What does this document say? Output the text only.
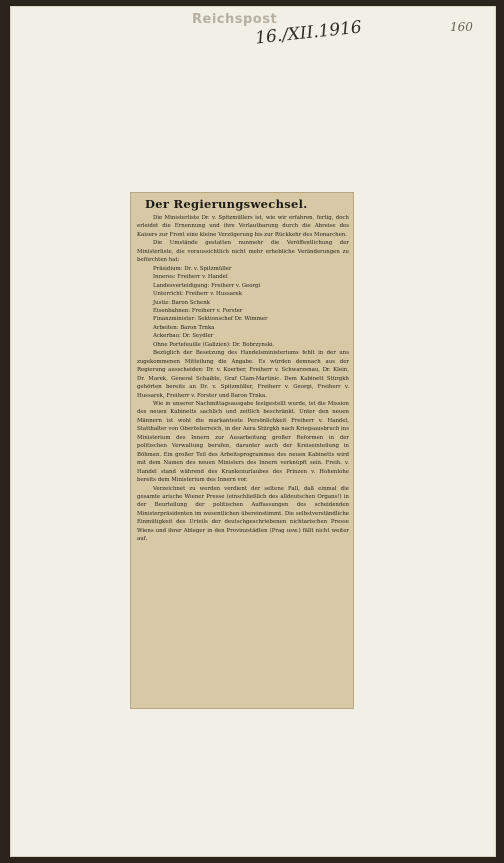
Reichspost
16./XII.1916	160
Der Regierungswechsel.

Die Ministerliste Dr. v. Spitzmüllers ist, wie wir erfahren, fertig, doch erleidet die Ernennung und ihre Verlautbarung durch die Abreise des Kaisers zur Front eine kleine Verzögerung bis zur Rückkehr des Monarchen.

Die Umstände gestatten nunmehr die Veröffentlichung der Ministerliste, die voraussichtlich nicht mehr erhebliche Veränderungen zu befürchten hat:

Präsidium: Dr. v. Spitzmüller
Inneres: Freiherr v. Handel
Landesverteidigung: Freiherr v. Georgi
Unterricht: Freiherr v. Hussarek
Justiz: Baron Schenk
Eisenbahnen: Freiherr v. Forster
Finanzminister: Sektionschef Dr. Wimmer
Arbeiten: Baron Trnka
Ackerbau: Dr. Seydler
Ohne Portefeuille (Galizien): Dr. Bobrzynski.

Bezüglich der Besetzung des Handelsministeriums fehlt in der uns zugekommenen Mitteilung die Angabe. Es würden demnach aus der Regierung ausscheiden: Dr. v. Koerber, Freiherr v. Schwarzenau, Dr. Klein, Dr. Marek, General Schaible, Graf Clam-Martinic. Dem Kabinett Stürgkh gehörten bereits an Dr. v. Spitzmüller, Freiherr v. Georgi, Freiherr v. Hussarek, Freiherr v. Forster und Baron Trnka.

Wie in unserer Nachmittagsausgabe festgestellt wurde, ist die Mission des neuen Kabinetts sachlich und zeitlich beschränkt. Unter den neuen Männern ist wohl die markanteste Persönlichkeit Freiherr v. Handel, Statthalter von Oberösterreich, in der Aera Stürgkh nach Kriegsausbruch ins Ministerium des Innern zur Ausarbeitung großer Reformen in der politischen Verwaltung berufen, darunter auch der Kreiseinteilung in Böhmen. Ein großer Teil des Arbeitsprogrammes des neuen Kabinetts wird mit dem Namen des neuen Ministers des Innern verknüpft sein. Freih. v. Handel stand während des Krankenurlaubes des Prinzen v. Hohenlohe bereits dem Ministerium des Innern vor.

Verzeichnet zu werden verdient der seltene Fall, daß einmal die gesamte arische Wiener Presse (einschließlich des alldeutschen Organs!) in der Beurteilung der politischen Auffassungen des scheidenden Ministerpräsidenten im wesentlichen übereinstimmt. Die selbstverständliche Einmütigkeit des Urteils der deutschgeschriebenen nichtarischen Presse Wiens und ihrer Ableger in den Provinzstädten (Prag usw.) fällt nicht weiter auf.
